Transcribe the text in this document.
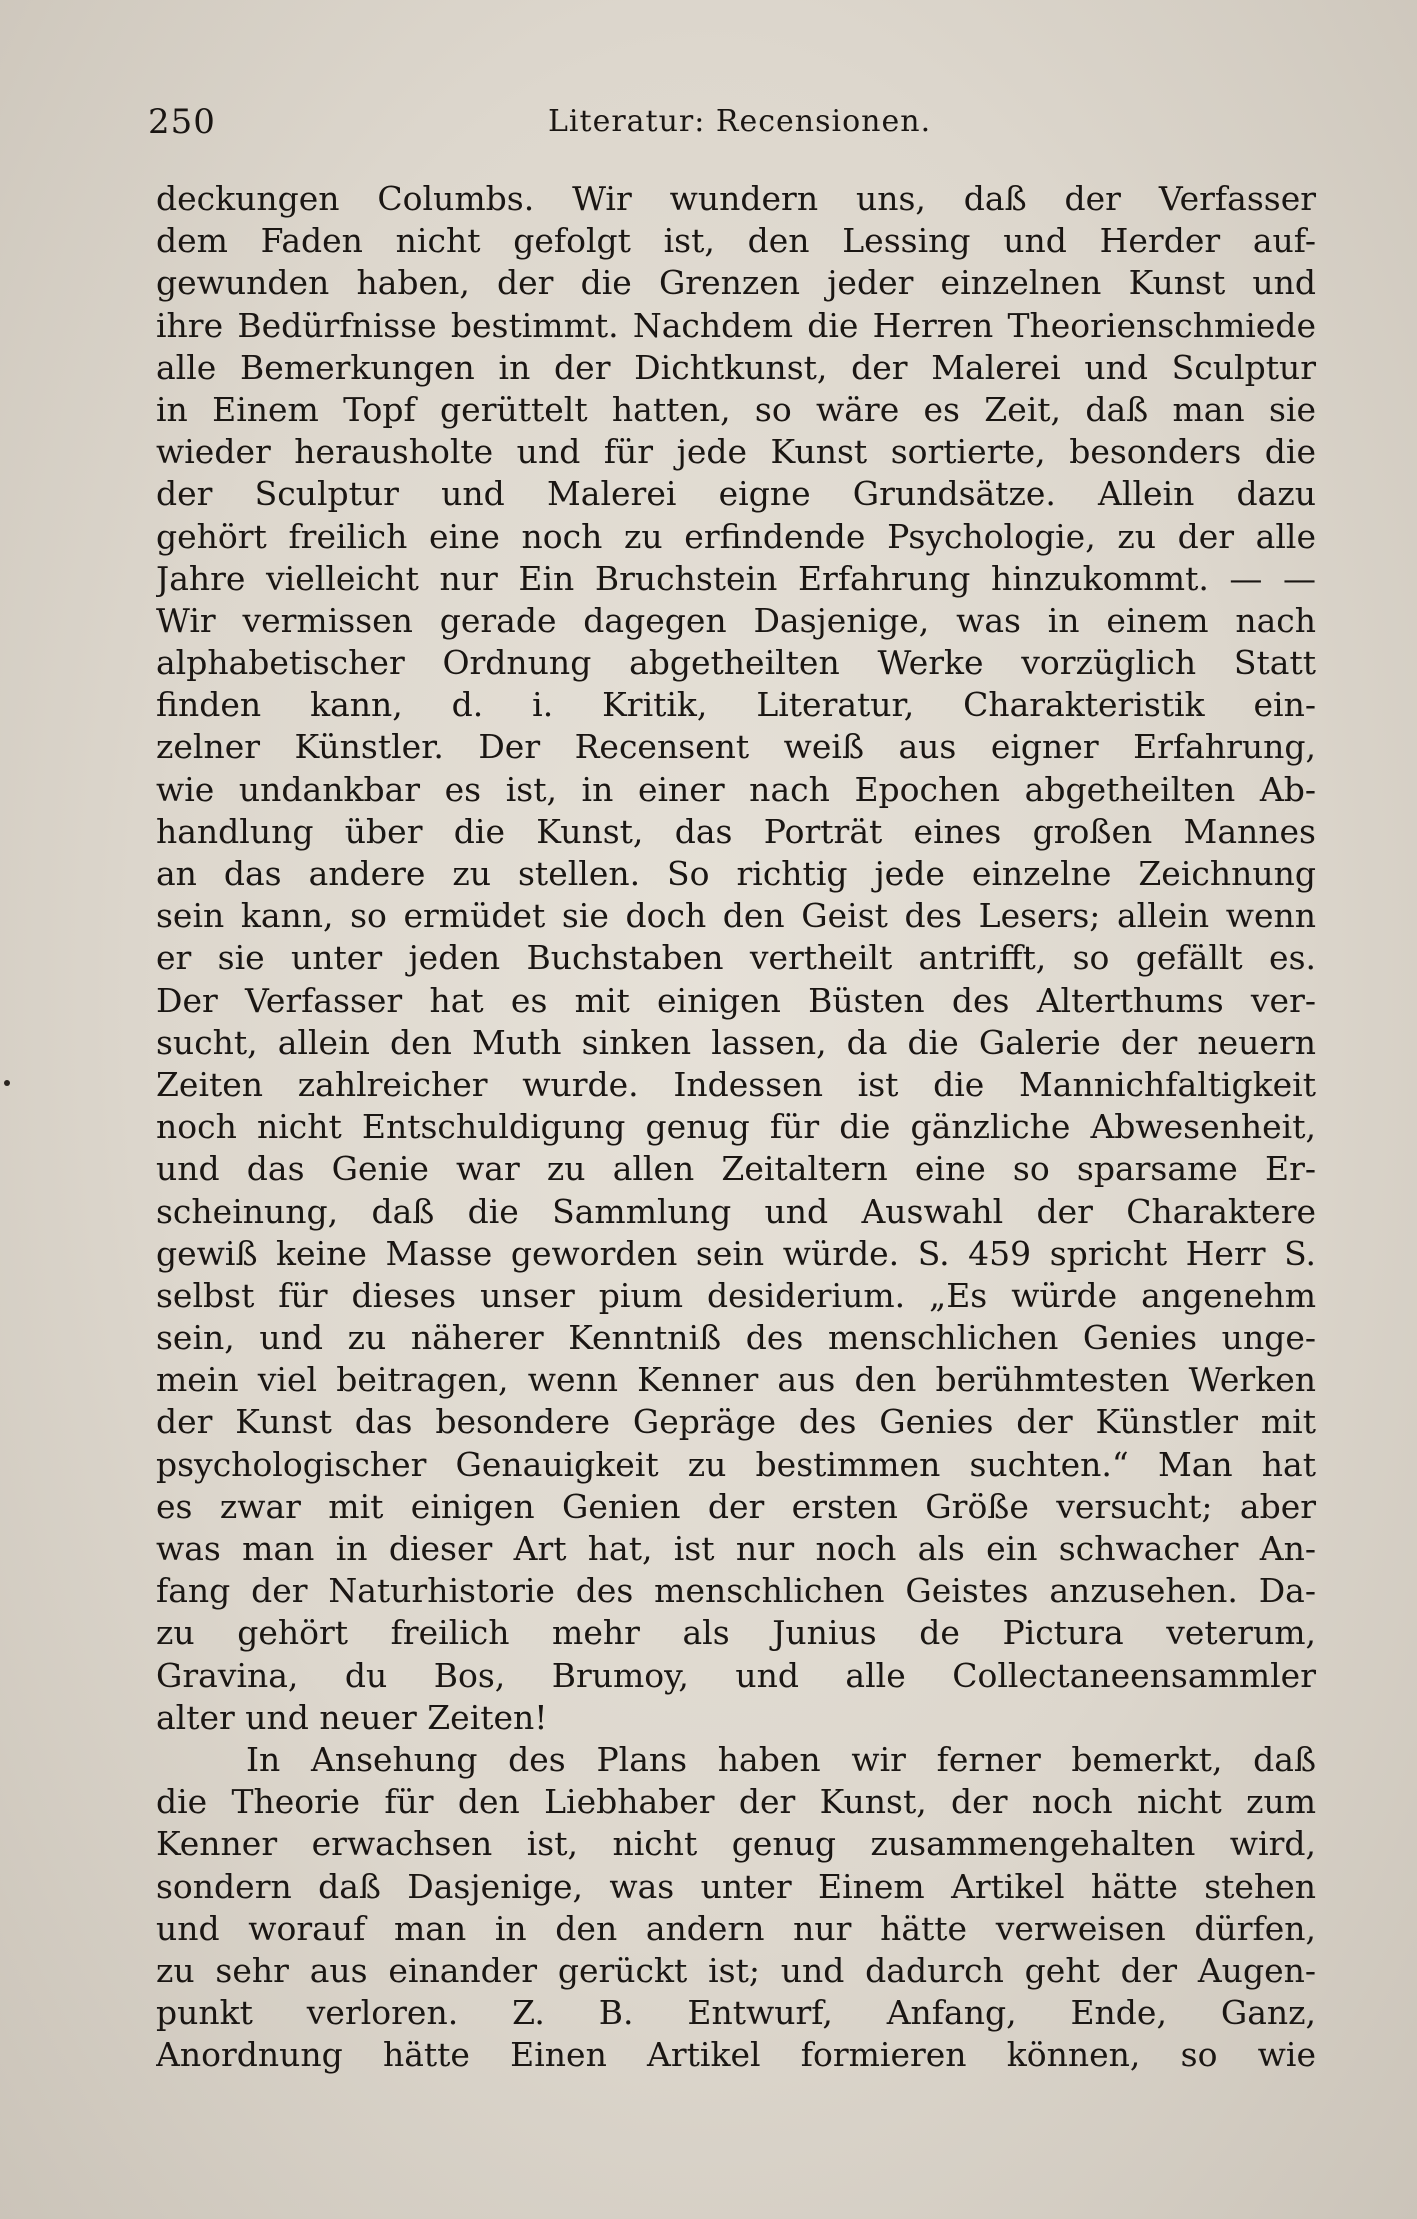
250	Literatur: Recensionen.
deckungen Columbs. Wir wundern uns, daß der Verfasser
dem Faden nicht gefolgt ist, den Lessing und Herder auf-
gewunden haben, der die Grenzen jeder einzelnen Kunst und
ihre Bedürfnisse bestimmt. Nachdem die Herren Theorienschmiede
alle Bemerkungen in der Dichtkunst, der Malerei und Sculptur
in Einem Topf gerüttelt hatten, so wäre es Zeit, daß man sie
wieder herausholte und für jede Kunst sortierte, besonders die
der Sculptur und Malerei eigne Grundsätze. Allein dazu
gehört freilich eine noch zu erfindende Psychologie, zu der alle
Jahre vielleicht nur Ein Bruchstein Erfahrung hinzukommt. — —
Wir vermissen gerade dagegen Dasjenige, was in einem nach
alphabetischer Ordnung abgetheilten Werke vorzüglich Statt
finden kann, d. i. Kritik, Literatur, Charakteristik ein-
zelner Künstler. Der Recensent weiß aus eigner Erfahrung,
wie undankbar es ist, in einer nach Epochen abgetheilten Ab-
handlung über die Kunst, das Porträt eines großen Mannes
an das andere zu stellen. So richtig jede einzelne Zeichnung
sein kann, so ermüdet sie doch den Geist des Lesers; allein wenn
er sie unter jeden Buchstaben vertheilt antrifft, so gefällt es.
Der Verfasser hat es mit einigen Büsten des Alterthums ver-
sucht, allein den Muth sinken lassen, da die Galerie der neuern
Zeiten zahlreicher wurde. Indessen ist die Mannichfaltigkeit
noch nicht Entschuldigung genug für die gänzliche Abwesenheit,
und das Genie war zu allen Zeitaltern eine so sparsame Er-
scheinung, daß die Sammlung und Auswahl der Charaktere
gewiß keine Masse geworden sein würde. S. 459 spricht Herr S.
selbst für dieses unser pium desiderium. „Es würde angenehm
sein, und zu näherer Kenntniß des menschlichen Genies unge-
mein viel beitragen, wenn Kenner aus den berühmtesten Werken
der Kunst das besondere Gepräge des Genies der Künstler mit
psychologischer Genauigkeit zu bestimmen suchten.“ Man hat
es zwar mit einigen Genien der ersten Größe versucht; aber
was man in dieser Art hat, ist nur noch als ein schwacher An-
fang der Naturhistorie des menschlichen Geistes anzusehen. Da-
zu gehört freilich mehr als Junius de Pictura veterum,
Gravina, du Bos, Brumoy, und alle Collectaneensammler
alter und neuer Zeiten!
In Ansehung des Plans haben wir ferner bemerkt, daß
die Theorie für den Liebhaber der Kunst, der noch nicht zum
Kenner erwachsen ist, nicht genug zusammengehalten wird,
sondern daß Dasjenige, was unter Einem Artikel hätte stehen
und worauf man in den andern nur hätte verweisen dürfen,
zu sehr aus einander gerückt ist; und dadurch geht der Augen-
punkt verloren. Z. B. Entwurf, Anfang, Ende, Ganz,
Anordnung hätte Einen Artikel formieren können, so wie
